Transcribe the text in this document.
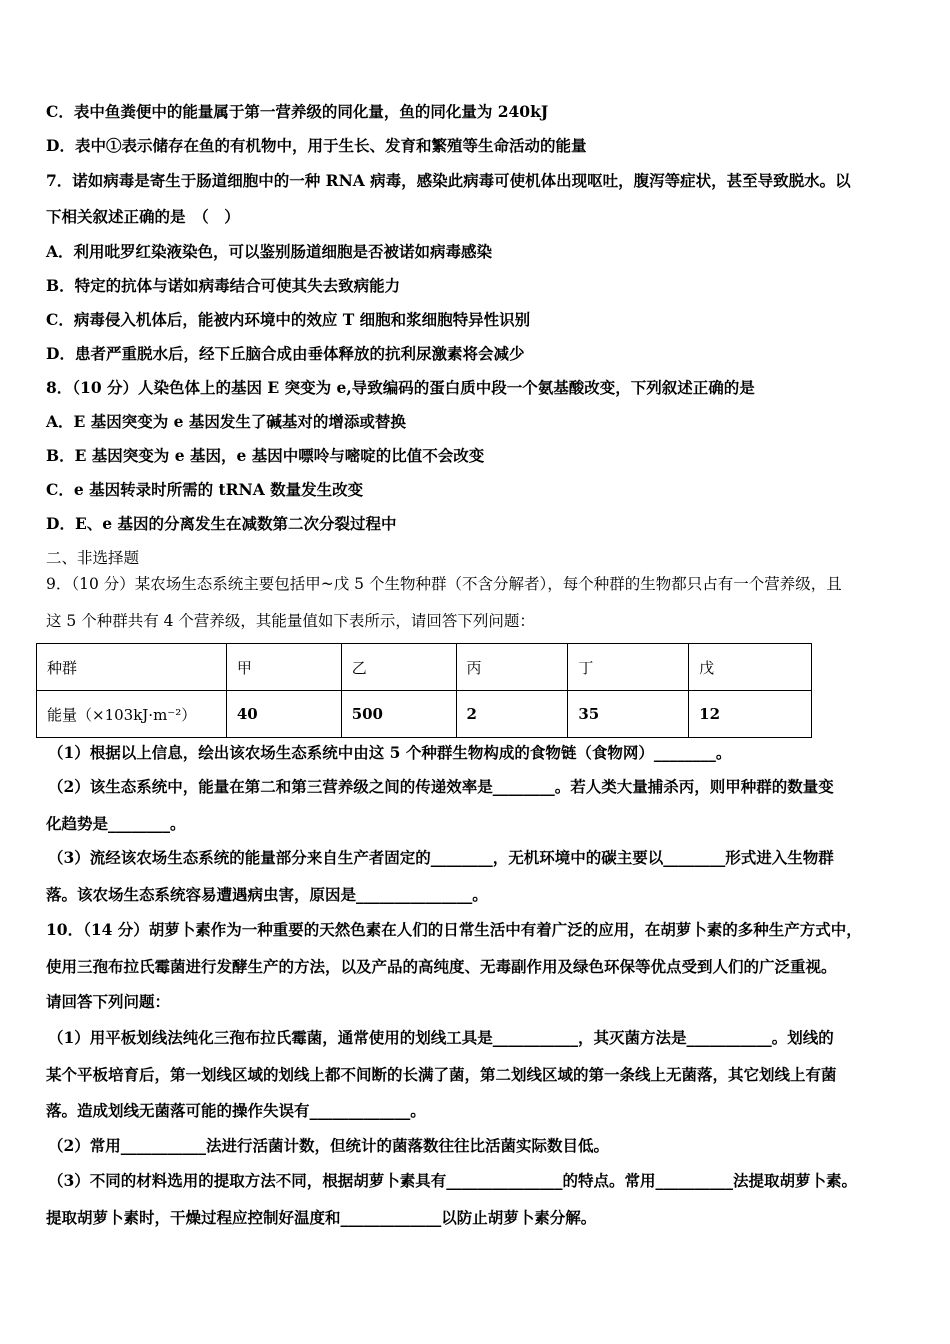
C．表中鱼粪便中的能量属于第一营养级的同化量，鱼的同化量为 240kJ
D．表中①表示储存在鱼的有机物中，用于生长、发育和繁殖等生命活动的能量
7．诺如病毒是寄生于肠道细胞中的一种 RNA 病毒，感染此病毒可使机体出现呕吐，腹泻等症状，甚至导致脱水。以
下相关叙述正确的是　（　）
A．利用吡罗红染液染色，可以鉴别肠道细胞是否被诺如病毒感染
B．特定的抗体与诺如病毒结合可使其失去致病能力
C．病毒侵入机体后，能被内环境中的效应 T 细胞和浆细胞特异性识别
D．患者严重脱水后，经下丘脑合成由垂体释放的抗利尿激素将会减少
8．（10 分）人染色体上的基因 E 突变为 e,导致编码的蛋白质中段一个氨基酸改变，下列叙述正确的是
A．E 基因突变为 e 基因发生了碱基对的增添或替换
B．E 基因突变为 e 基因，e 基因中嘌呤与嘧啶的比值不会改变
C．e 基因转录时所需的 tRNA 数量发生改变
D．E、e 基因的分离发生在减数第二次分裂过程中
二、非选择题
9．（10 分）某农场生态系统主要包括甲~戊 5 个生物种群（不含分解者），每个种群的生物都只占有一个营养级，且
这 5 个种群共有 4 个营养级，其能量值如下表所示，请回答下列问题：
种群	甲	乙	丙	丁	戊
能量（×103kJ·m⁻²）	40	500	2	35	12
（1）根据以上信息，绘出该农场生态系统中由这 5 个种群生物构成的食物链（食物网）________。
（2）该生态系统中，能量在第二和第三营养级之间的传递效率是________。若人类大量捕杀丙，则甲种群的数量变
化趋势是________。
（3）流经该农场生态系统的能量部分来自生产者固定的________，无机环境中的碳主要以________形式进入生物群
落。该农场生态系统容易遭遇病虫害，原因是_______________。
10．（14 分）胡萝卜素作为一种重要的天然色素在人们的日常生活中有着广泛的应用，在胡萝卜素的多种生产方式中，
使用三孢布拉氏霉菌进行发酵生产的方法，以及产品的高纯度、无毒副作用及绿色环保等优点受到人们的广泛重视。
请回答下列问题：
（1）用平板划线法纯化三孢布拉氏霉菌，通常使用的划线工具是___________，其灭菌方法是___________。划线的
某个平板培育后，第一划线区域的划线上都不间断的长满了菌，第二划线区域的第一条线上无菌落，其它划线上有菌
落。造成划线无菌落可能的操作失误有_____________。
（2）常用___________法进行活菌计数，但统计的菌落数往往比活菌实际数目低。
（3）不同的材料选用的提取方法不同，根据胡萝卜素具有_______________的特点。常用__________法提取胡萝卜素。
提取胡萝卜素时，干燥过程应控制好温度和_____________以防止胡萝卜素分解。
